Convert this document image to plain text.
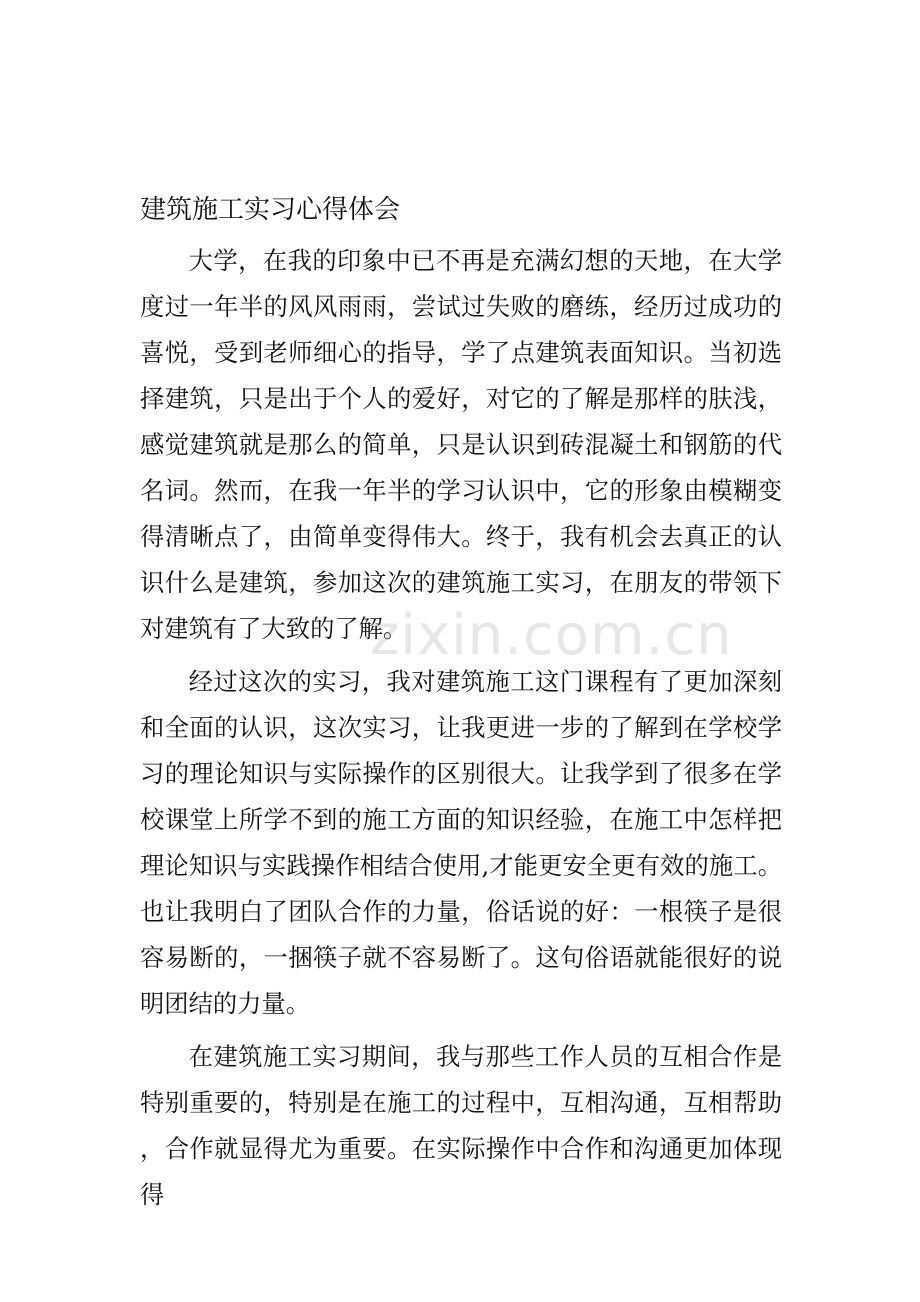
建筑施工实习心得体会

大学，在我的印象中已不再是充满幻想的天地，在大学度过一年半的风风雨雨，尝试过失败的磨练，经历过成功的喜悦，受到老师细心的指导，学了点建筑表面知识。当初选择建筑，只是出于个人的爱好，对它的了解是那样的肤浅，感觉建筑就是那么的简单，只是认识到砖混凝土和钢筋的代名词。然而，在我一年半的学习认识中，它的形象由模糊变得清晰点了，由简单变得伟大。终于，我有机会去真正的认识什么是建筑，参加这次的建筑施工实习，在朋友的带领下对建筑有了大致的了解。

经过这次的实习，我对建筑施工这门课程有了更加深刻和全面的认识，这次实习，让我更进一步的了解到在学校学习的理论知识与实际操作的区别很大。让我学到了很多在学校课堂上所学不到的施工方面的知识经验，在施工中怎样把理论知识与实践操作相结合使用,才能更安全更有效的施工。也让我明白了团队合作的力量，俗话说的好：一根筷子是很容易断的，一捆筷子就不容易断了。这句俗语就能很好的说明团结的力量。

在建筑施工实习期间，我与那些工作人员的互相合作是特别重要的，特别是在施工的过程中，互相沟通，互相帮助，合作就显得尤为重要。在实际操作中合作和沟通更加体现得

zixin.com.cn
